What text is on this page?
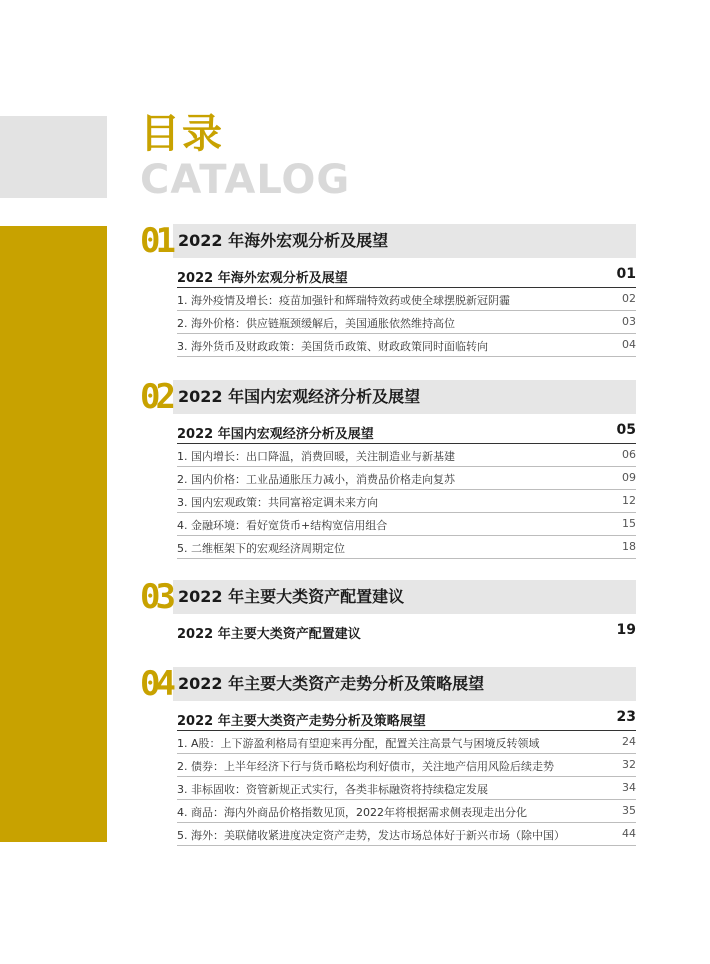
目录
CATALOG
01 2022 年海外宏观分析及展望
2022 年海外宏观分析及展望	01
1. 海外疫情及增长：疫苗加强针和辉瑞特效药或使全球摆脱新冠阴霾	02
2. 海外价格：供应链瓶颈缓解后，美国通胀依然维持高位	03
3. 海外货币及财政政策：美国货币政策、财政政策同时面临转向	04
02 2022 年国内宏观经济分析及展望
2022 年国内宏观经济分析及展望	05
1. 国内增长：出口降温，消费回暖，关注制造业与新基建	06
2. 国内价格：工业品通胀压力减小，消费品价格走向复苏	09
3. 国内宏观政策：共同富裕定调未来方向	12
4. 金融环境：看好宽货币+结构宽信用组合	15
5. 二维框架下的宏观经济周期定位	18
03 2022 年主要大类资产配置建议
2022 年主要大类资产配置建议	19
04 2022 年主要大类资产走势分析及策略展望
2022 年主要大类资产走势分析及策略展望	23
1. A股：上下游盈利格局有望迎来再分配，配置关注高景气与困境反转领域	24
2. 债券：上半年经济下行与货币略松均利好债市，关注地产信用风险后续走势	32
3. 非标固收：资管新规正式实行，各类非标融资将持续稳定发展	34
4. 商品：海内外商品价格指数见顶，2022年将根据需求侧表现走出分化	35
5. 海外：美联储收紧进度决定资产走势，发达市场总体好于新兴市场（除中国）	44
